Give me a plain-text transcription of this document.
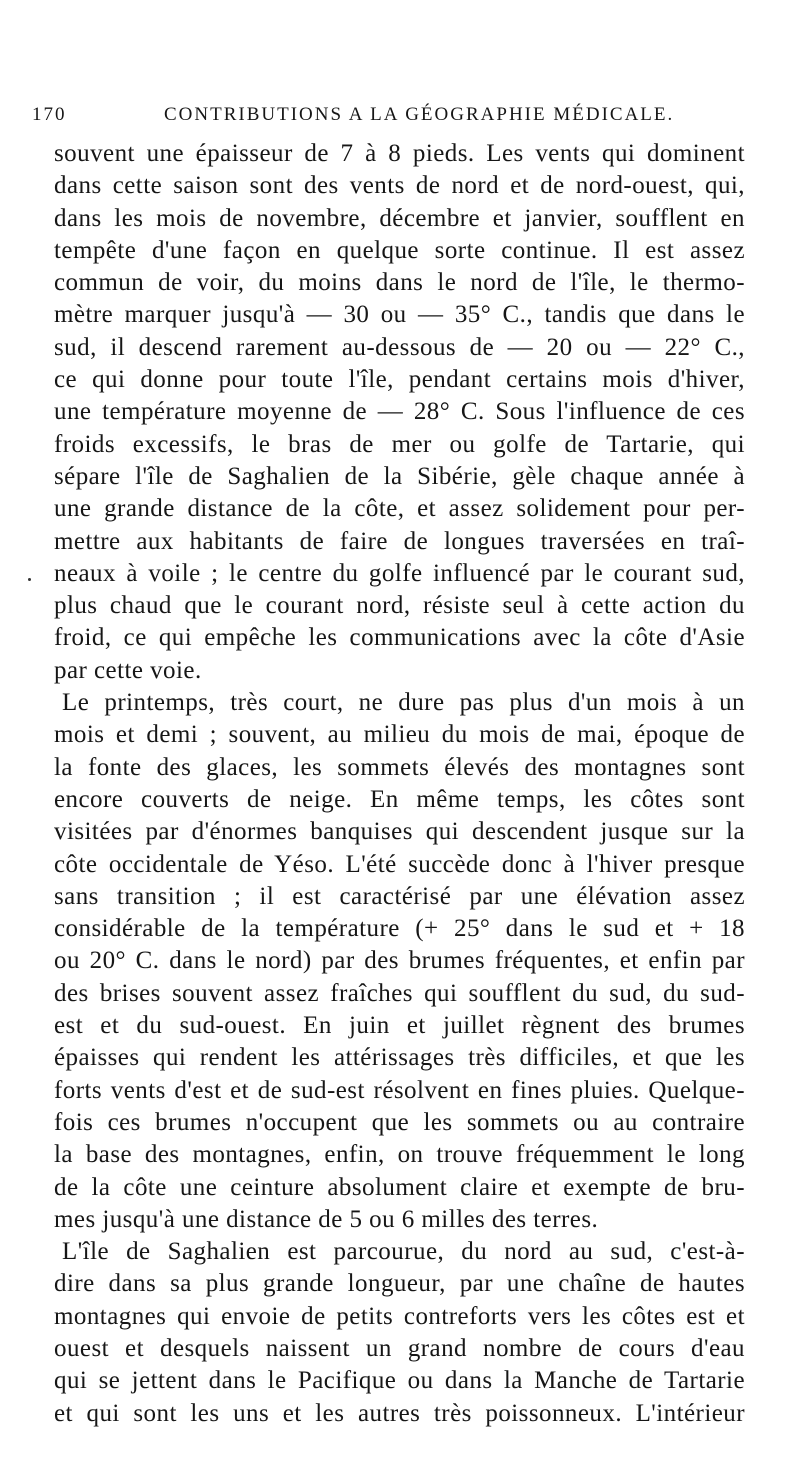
170	CONTRIBUTIONS A LA GÉOGRAPHIE MÉDICALE.
souvent une épaisseur de 7 à 8 pieds. Les vents qui dominent
dans cette saison sont des vents de nord et de nord-ouest, qui,
dans les mois de novembre, décembre et janvier, soufflent en
tempête d'une façon en quelque sorte continue. Il est assez
commun de voir, du moins dans le nord de l'île, le thermo-
mètre marquer jusqu'à — 30 ou — 35° C., tandis que dans le
sud, il descend rarement au-dessous de — 20 ou — 22° C.,
ce qui donne pour toute l'île, pendant certains mois d'hiver,
une température moyenne de — 28° C. Sous l'influence de ces
froids excessifs, le bras de mer ou golfe de Tartarie, qui
sépare l'île de Saghalien de la Sibérie, gèle chaque année à
une grande distance de la côte, et assez solidement pour per-
mettre aux habitants de faire de longues traversées en traî-
neaux à voile ; le centre du golfe influencé par le courant sud,
plus chaud que le courant nord, résiste seul à cette action du
froid, ce qui empêche les communications avec la côte d'Asie
par cette voie.
Le printemps, très court, ne dure pas plus d'un mois à un
mois et demi ; souvent, au milieu du mois de mai, époque de
la fonte des glaces, les sommets élevés des montagnes sont
encore couverts de neige. En même temps, les côtes sont
visitées par d'énormes banquises qui descendent jusque sur la
côte occidentale de Yéso. L'été succède donc à l'hiver presque
sans transition ; il est caractérisé par une élévation assez
considérable de la température (+ 25° dans le sud et + 18
ou 20° C. dans le nord) par des brumes fréquentes, et enfin par
des brises souvent assez fraîches qui soufflent du sud, du sud-
est et du sud-ouest. En juin et juillet règnent des brumes
épaisses qui rendent les attérissages très difficiles, et que les
forts vents d'est et de sud-est résolvent en fines pluies. Quelque-
fois ces brumes n'occupent que les sommets ou au contraire
la base des montagnes, enfin, on trouve fréquemment le long
de la côte une ceinture absolument claire et exempte de bru-
mes jusqu'à une distance de 5 ou 6 milles des terres.
L'île de Saghalien est parcourue, du nord au sud, c'est-à-
dire dans sa plus grande longueur, par une chaîne de hautes
montagnes qui envoie de petits contreforts vers les côtes est et
ouest et desquels naissent un grand nombre de cours d'eau
qui se jettent dans le Pacifique ou dans la Manche de Tartarie
et qui sont les uns et les autres très poissonneux. L'intérieur
